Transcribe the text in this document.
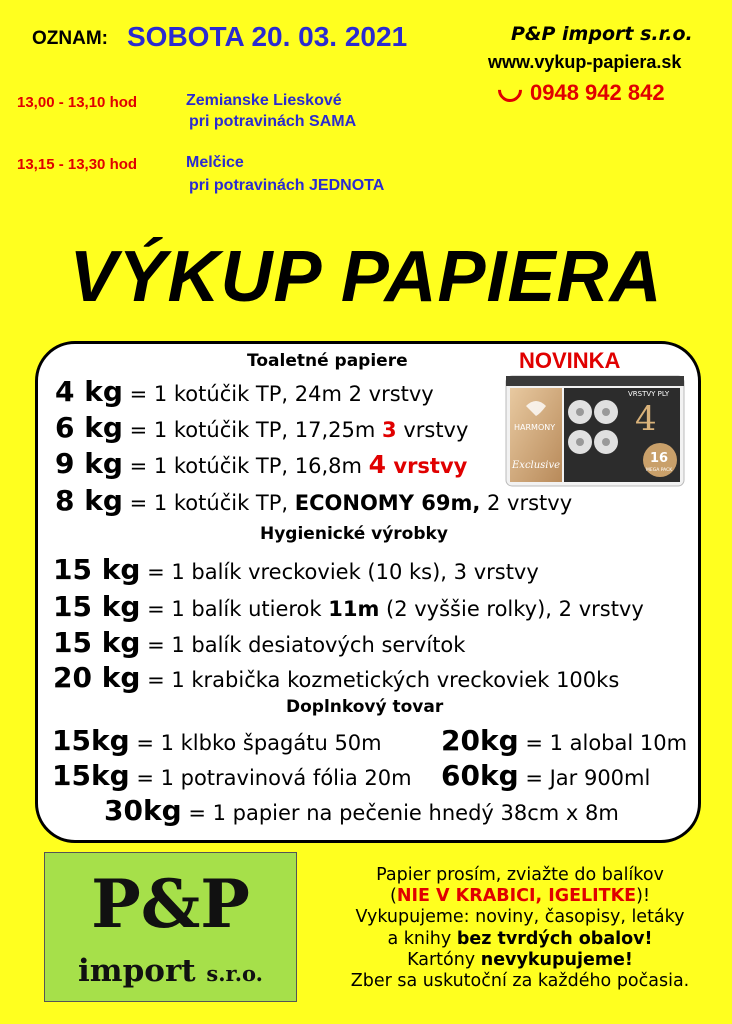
OZNAM: SOBOTA 20. 03. 2021	P&P import s.r.o.
www.vykup-papiera.sk
0948 942 842
13,00 - 13,10 hod	Zemianske Lieskové
pri potravinách SAMA
13,15 - 13,30 hod	Melčice
pri potravinách JEDNOTA
VÝKUP PAPIERA
Toaletné papiere
4 kg = 1 kotúčik TP, 24m 2 vrstvy
6 kg = 1 kotúčik TP, 17,25m 3 vrstvy
9 kg = 1 kotúčik TP, 16,8m 4 vrstvy
8 kg = 1 kotúčik TP, ECONOMY 69m, 2 vrstvy
Hygienické výrobky
15 kg = 1 balík vreckoviek (10 ks), 3 vrstvy
15 kg = 1 balík utierok 11m (2 vyššie rolky), 2 vrstvy
15 kg = 1 balík desiatových servítok
20 kg = 1 krabička kozmetických vreckoviek 100ks
Doplnkový tovar
15kg = 1 klbko špagátu 50m 20kg = 1 alobal 10m
15kg = 1 potravinová fólia 20m 60kg = Jar 900ml
30kg = 1 papier na pečenie hnedý 38cm x 8m
NOVINKA
HARMONY
Exclusive
VRSTVY PLY
4
16
MEGA PACK
P&P
import s.r.o.
Papier prosím, zviažte do balíkov
(NIE V KRABICI, IGELITKE)!
Vykupujeme: noviny, časopisy, letáky
a knihy bez tvrdých obalov!
Kartóny nevykupujeme!
Zber sa uskutoční za každého počasia.
